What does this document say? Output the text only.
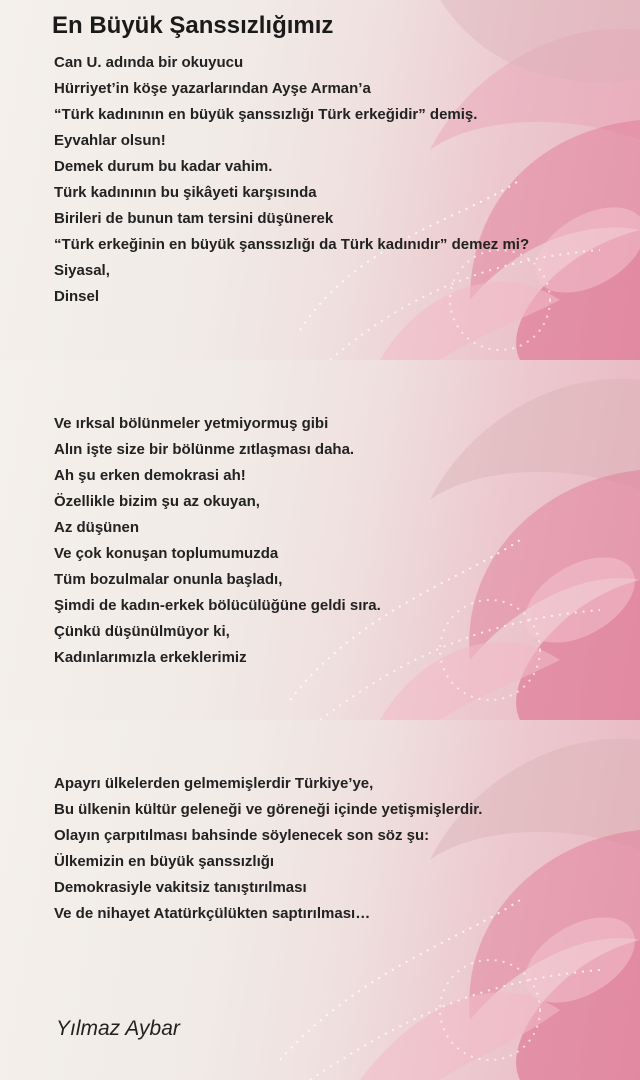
En Büyük Şanssızlığımız
Can U. adında bir okuyucu
Hürriyet’in köşe yazarlarından Ayşe Arman’a
“Türk kadınının en büyük şanssızlığı Türk erkeğidir” demiş.
Eyvahlar olsun!
Demek durum bu kadar vahim.
Türk kadınının bu şikâyeti karşısında
Birileri de bunun tam tersini düşünerek
“Türk erkeğinin en büyük şanssızlığı da Türk kadınıdır” demez mi?
Siyasal,
Dinsel
Ve ırksal bölünmeler yetmiyormuş gibi
Alın işte size bir bölünme zıtlaşması daha.
Ah şu erken demokrasi ah!
Özellikle bizim şu az okuyan,
Az düşünen
Ve çok konuşan toplumumuzda
Tüm bozulmalar onunla başladı,
Şimdi de kadın-erkek bölücülüğüne geldi sıra.
Çünkü düşünülmüyor ki,
Kadınlarımızla erkeklerimiz
Apayrı ülkelerden gelmemişlerdir Türkiye’ye,
Bu ülkenin kültür geleneği ve göreneği içinde yetişmişlerdir.
Olayın çarpıtılması bahsinde söylenecek son söz şu:
Ülkemizin en büyük şanssızlığı
Demokrasiyle vakitsiz tanıştırılması
Ve de nihayet Atatürkçülükten saptırılması…
Yılmaz Aybar
